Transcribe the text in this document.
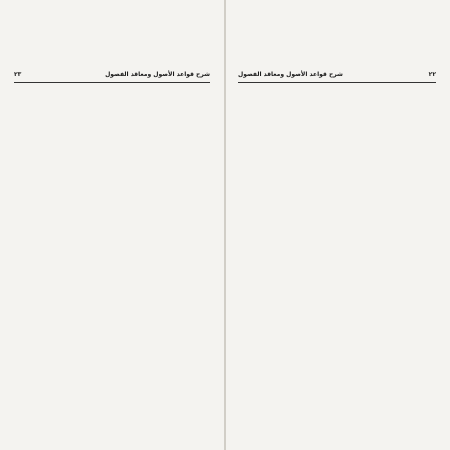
٢٣	شرح قواعد الأصول ومعاقد الفصول	٢٢
شرح قواعد الأصول ومعاقد الفصول
